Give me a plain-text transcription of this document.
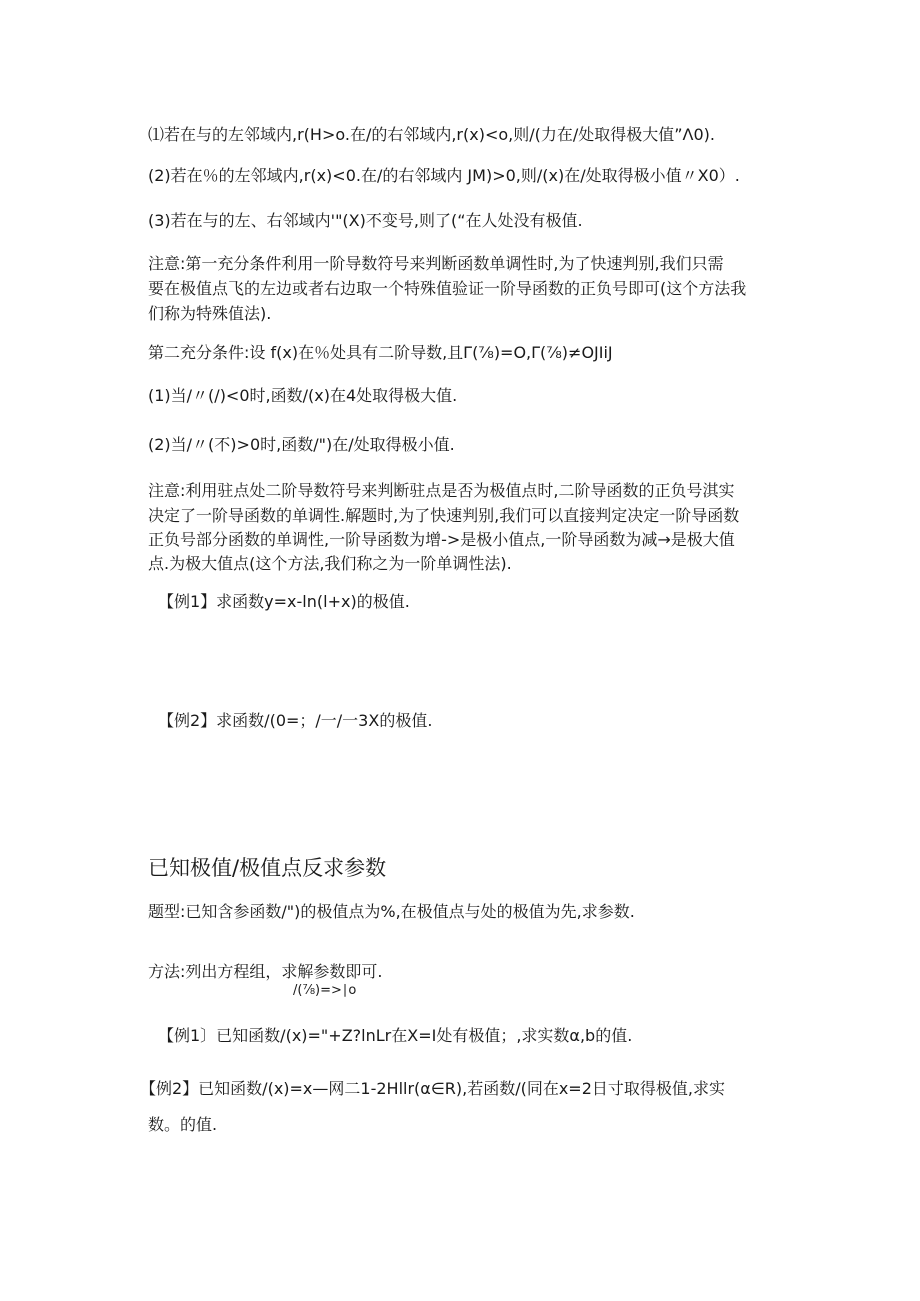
⑴若在与的左邻域内,r(H>o.在/的右邻域内,r(x)<o,则/(力在/处取得极大值”Λ0).
(2)若在％的左邻域内,r(x)<0.在/的右邻域内 JM)>0,则/(x)在/处取得极小值〃X0）.
(3)若在与的左、右邻域内'"(X)不变号,则了(“在人处没有极值.
注意:第一充分条件利用一阶导数符号来判断函数单调性时,为了快速判别,我们只需
要在极值点飞的左边或者右边取一个特殊值验证一阶导函数的正负号即可(这个方法我
们称为特殊值法).
第二充分条件:设 f(x)在％处具有二阶导数,且Γ(⅞)=O,Γ(⅞)≠OJIiJ
(1)当/〃(/)<0时,函数/(x)在4处取得极大值.
(2)当/〃(不)>0时,函数/")在/处取得极小值.
注意:利用驻点处二阶导数符号来判断驻点是否为极值点时,二阶导函数的正负号淇实
决定了一阶导函数的单调性.解题时,为了快速判别,我们可以直接判定决定一阶导函数
正负号部分函数的单调性,一阶导函数为增->是极小值点,一阶导函数为减→是极大值
点.为极大值点(这个方法,我们称之为一阶单调性法).
【例1】求函数y=x-ln(l+x)的极值.
【例2】求函数/(0=；/一/一3X的极值.
已知极值/极值点反求参数
题型:已知含参函数/")的极值点为%,在极值点与处的极值为先,求参数.
方法:列出方程组，求解参数即可.
/(⅞)=>∣o
【例1〕已知函数/(x)="+Z?lnLr在X=I处有极值；,求实数α,b的值.
【例2】已知函数/(x)=x—网二1-2Hllr(α∈R),若函数/(同在x=2日寸取得极值,求实
数。的值.
